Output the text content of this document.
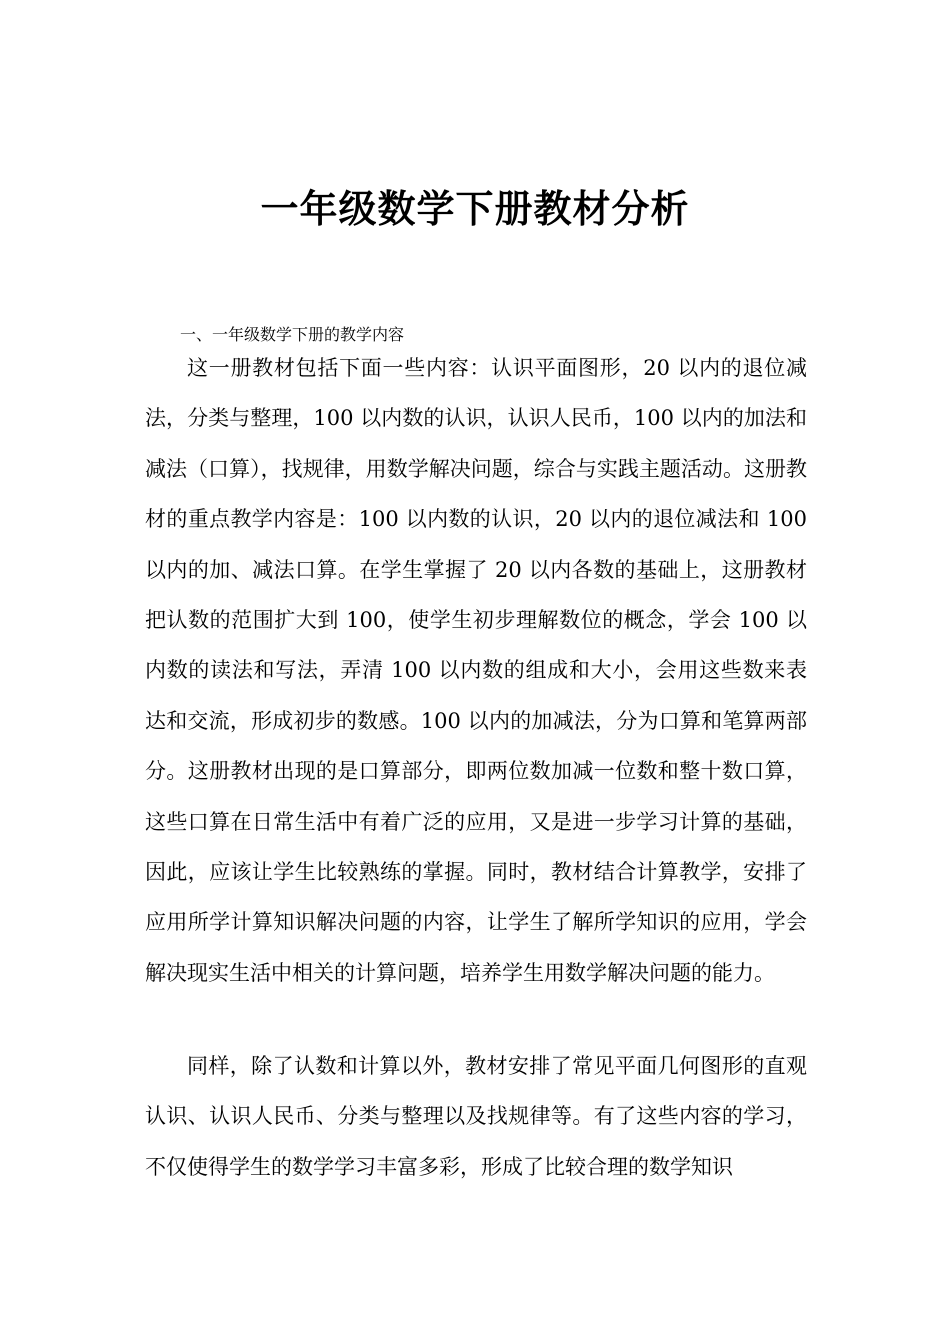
一年级数学下册教材分析

一、一年级数学下册的教学内容

这一册教材包括下面一些内容：认识平面图形，20 以内的退位减法，分类与整理，100 以内数的认识，认识人民币，100 以内的加法和减法（口算），找规律，用数学解决问题，综合与实践主题活动。这册教材的重点教学内容是：100 以内数的认识，20 以内的退位减法和 100 以内的加、减法口算。在学生掌握了 20 以内各数的基础上，这册教材把认数的范围扩大到 100，使学生初步理解数位的概念，学会 100 以内数的读法和写法，弄清 100 以内数的组成和大小，会用这些数来表达和交流，形成初步的数感。100 以内的加减法，分为口算和笔算两部分。这册教材出现的是口算部分，即两位数加减一位数和整十数口算，这些口算在日常生活中有着广泛的应用，又是进一步学习计算的基础，因此，应该让学生比较熟练的掌握。同时，教材结合计算教学，安排了应用所学计算知识解决问题的内容，让学生了解所学知识的应用，学会解决现实生活中相关的计算问题，培养学生用数学解决问题的能力。

同样，除了认数和计算以外，教材安排了常见平面几何图形的直观认识、认识人民币、分类与整理以及找规律等。有了这些内容的学习，不仅使得学生的数学学习丰富多彩，形成了比较合理的数学知识
